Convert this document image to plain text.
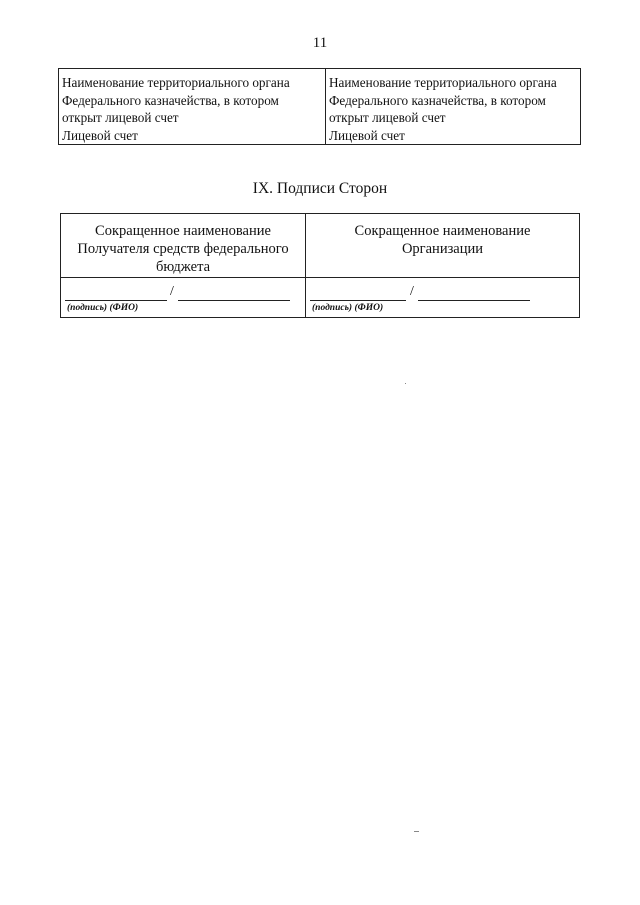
11
Наименование территориального органа
Федерального казначейства, в котором
открыт лицевой счет
Лицевой счет
Наименование территориального органа
Федерального казначейства, в котором
открыт лицевой счет
Лицевой счет
IX. Подписи Сторон
Сокращенное наименование
Получателя средств федерального
бюджета
Сокращенное наименование
Организации
/
(подпись) (ФИО)
/
(подпись) (ФИО)
